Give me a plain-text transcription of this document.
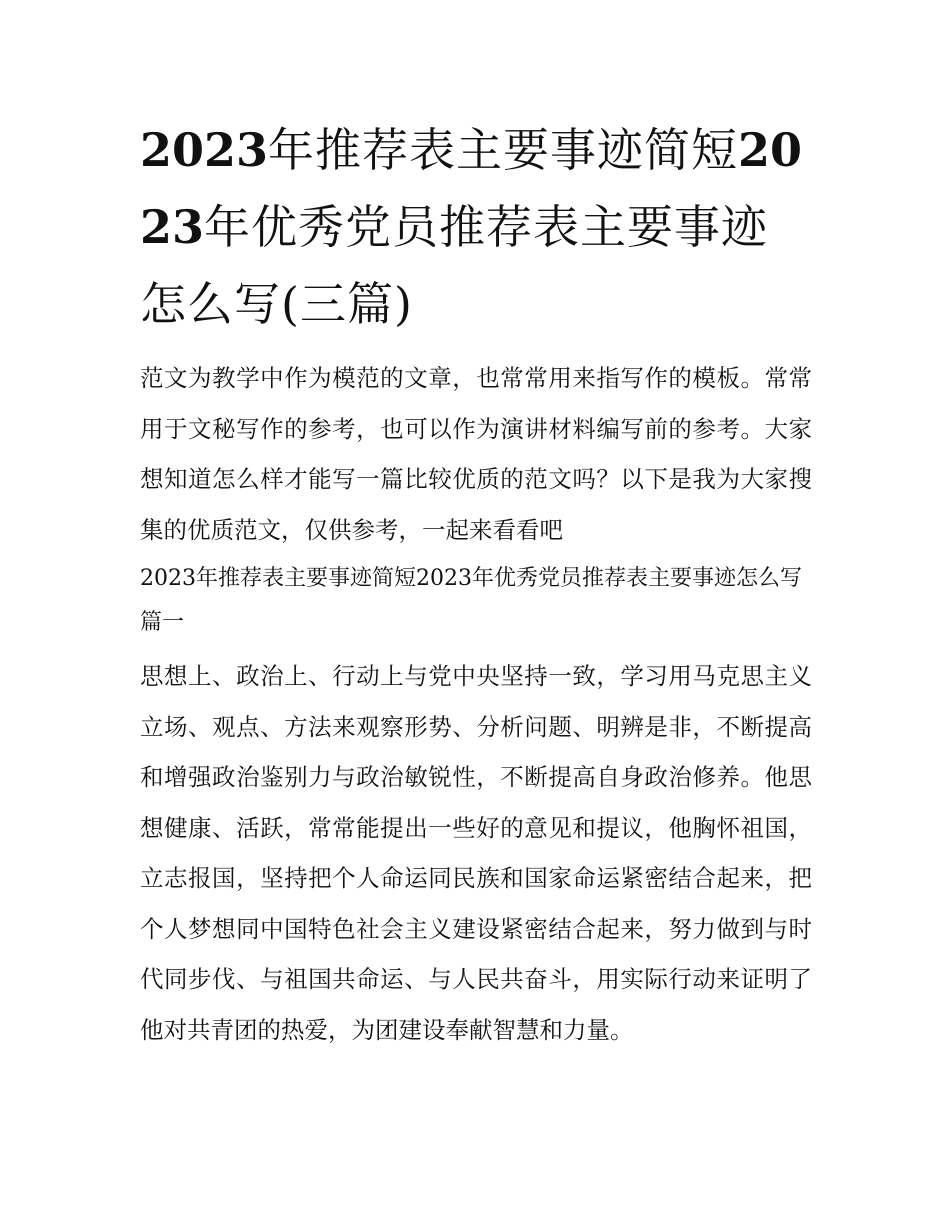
2023年推荐表主要事迹简短2023年优秀党员推荐表主要事迹怎么写(三篇)

范文为教学中作为模范的文章，也常常用来指写作的模板。常常用于文秘写作的参考，也可以作为演讲材料编写前的参考。大家想知道怎么样才能写一篇比较优质的范文吗？以下是我为大家搜集的优质范文，仅供参考，一起来看看吧

2023年推荐表主要事迹简短2023年优秀党员推荐表主要事迹怎么写篇一

思想上、政治上、行动上与党中央坚持一致，学习用马克思主义立场、观点、方法来观察形势、分析问题、明辨是非，不断提高和增强政治鉴别力与政治敏锐性，不断提高自身政治修养。他思想健康、活跃，常常能提出一些好的意见和提议，他胸怀祖国，立志报国，坚持把个人命运同民族和国家命运紧密结合起来，把个人梦想同中国特色社会主义建设紧密结合起来，努力做到与时代同步伐、与祖国共命运、与人民共奋斗，用实际行动来证明了他对共青团的热爱，为团建设奉献智慧和力量。
